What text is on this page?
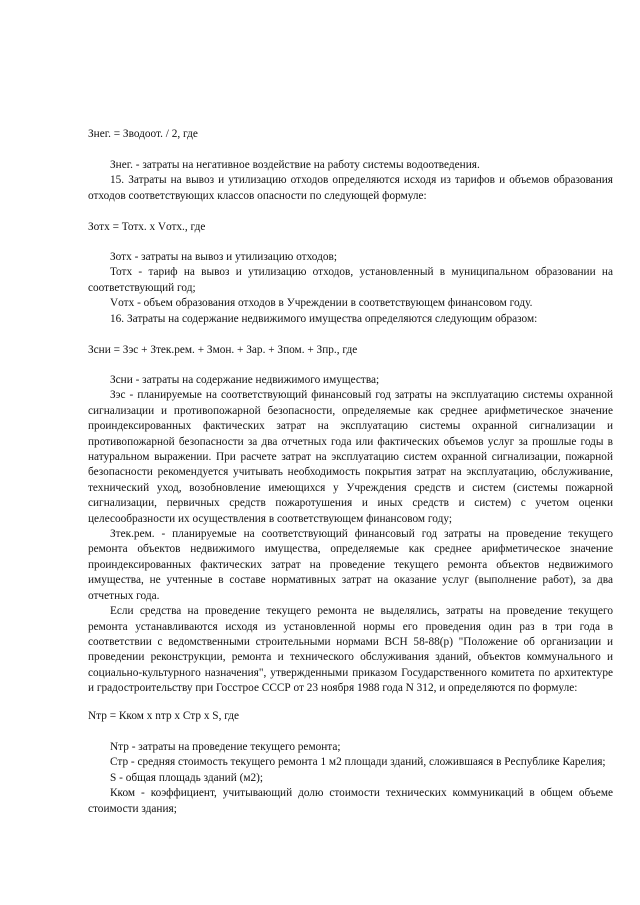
Знег. = Зводоот. / 2, где

Знег. - затраты на негативное воздействие на работу системы водоотведения.

15. Затраты на вывоз и утилизацию отходов определяются исходя из тарифов и объемов образования отходов соответствующих классов опасности по следующей формуле:

Зотх = Тотх. x Vотх., где

Зотх - затраты на вывоз и утилизацию отходов;

Тотх - тариф на вывоз и утилизацию отходов, установленный в муниципальном образовании на соответствующий год;

Vотх - объем образования отходов в Учреждении в соответствующем финансовом году.

16. Затраты на содержание недвижимого имущества определяются следующим образом:

Зсни = Зэс + Зтек.рем. + Змон. + Зар. + Зпом. + Зпр., где

Зсни - затраты на содержание недвижимого имущества;

Зэс - планируемые на соответствующий финансовый год затраты на эксплуатацию системы охранной сигнализации и противопожарной безопасности, определяемые как среднее арифметическое значение проиндексированных фактических затрат на эксплуатацию системы охранной сигнализации и противопожарной безопасности за два отчетных года или фактических объемов услуг за прошлые годы в натуральном выражении. При расчете затрат на эксплуатацию систем охранной сигнализации, пожарной безопасности рекомендуется учитывать необходимость покрытия затрат на эксплуатацию, обслуживание, технический уход, возобновление имеющихся у Учреждения средств и систем (системы пожарной сигнализации, первичных средств пожаротушения и иных средств и систем) с учетом оценки целесообразности их осуществления в соответствующем финансовом году;

Зтек.рем. - планируемые на соответствующий финансовый год затраты на проведение текущего ремонта объектов недвижимого имущества, определяемые как среднее арифметическое значение проиндексированных фактических затрат на проведение текущего ремонта объектов недвижимого имущества, не учтенные в составе нормативных затрат на оказание услуг (выполнение работ), за два отчетных года.

Если средства на проведение текущего ремонта не выделялись, затраты на проведение текущего ремонта устанавливаются исходя из установленной нормы его проведения один раз в три года в соответствии с ведомственными строительными нормами ВСН 58-88(р) "Положение об организации и проведении реконструкции, ремонта и технического обслуживания зданий, объектов коммунального и социально-культурного назначения", утвержденными приказом Государственного комитета по архитектуре и градостроительству при Госстрое СССР от 23 ноября 1988 года N 312, и определяются по формуле:

Nтр = Кком x nтр x Стр x S, где

Nтр - затраты на проведение текущего ремонта;

Стр - средняя стоимость текущего ремонта 1 м2 площади зданий, сложившаяся в Республике Карелия;

S - общая площадь зданий (м2);

Кком - коэффициент, учитывающий долю стоимости технических коммуникаций в общем объеме стоимости здания;
